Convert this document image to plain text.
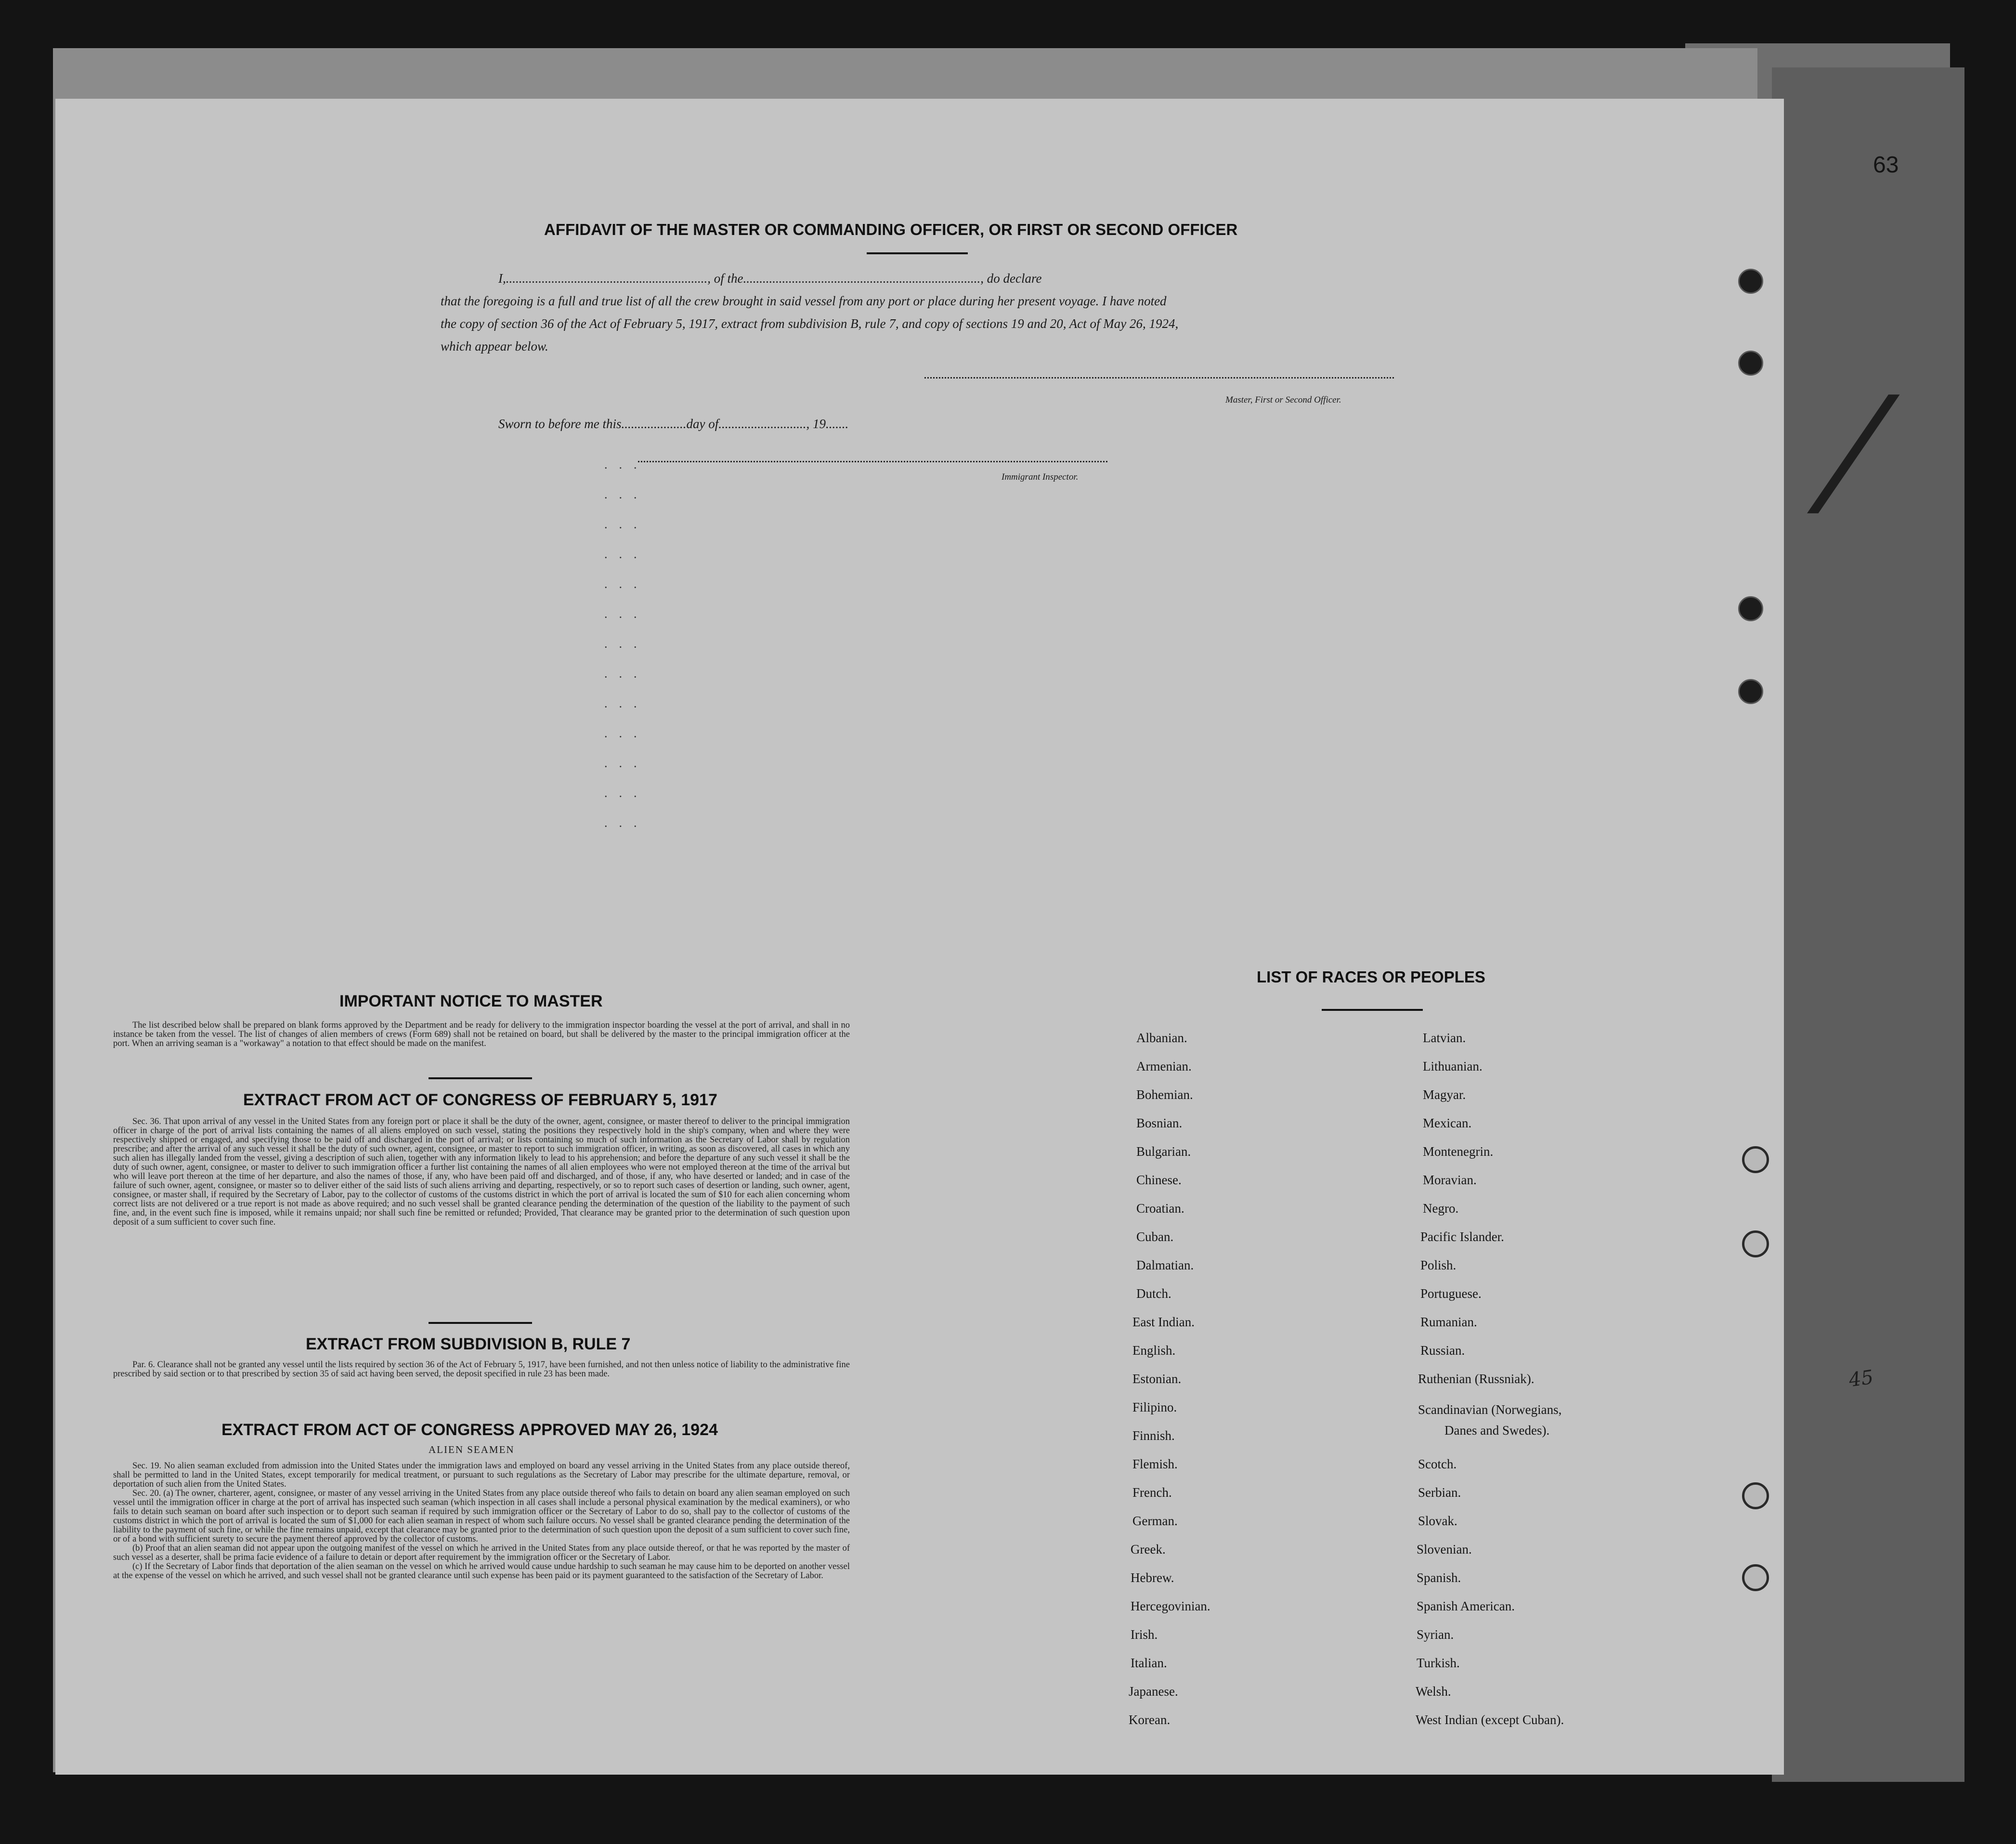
63
/
45
AFFIDAVIT OF THE MASTER OR COMMANDING OFFICER, OR FIRST OR SECOND OFFICER
I,.............................................................., of the........................................................................., do declare
that the foregoing is a full and true list of all the crew brought in said vessel from any port or place during her present voyage. I have noted
the copy of section 36 of the Act of February 5, 1917, extract from subdivision B, rule 7, and copy of sections 19 and 20, Act of May 26, 1924,
which appear below.
Master, First or Second Officer.
Sworn to before me this....................day of..........................., 19.......
Immigrant Inspector.
...
...
...
...
...
...
...
...
...
...
...
...
...
IMPORTANT NOTICE TO MASTER

The list described below shall be prepared on blank forms approved by the Department and be ready for delivery to the immigration inspector boarding the vessel at the port of arrival, and shall in no instance be taken from the vessel. The list of changes of alien members of crews (Form 689) shall not be retained on board, but shall be delivered by the master to the principal immigration officer at the port. When an arriving seaman is a "workaway" a notation to that effect should be made on the manifest.

EXTRACT FROM ACT OF CONGRESS OF FEBRUARY 5, 1917

Sec. 36. That upon arrival of any vessel in the United States from any foreign port or place it shall be the duty of the owner, agent, consignee, or master thereof to deliver to the principal immigration officer in charge of the port of arrival lists containing the names of all aliens employed on such vessel, stating the positions they respectively hold in the ship's company, when and where they were respectively shipped or engaged, and specifying those to be paid off and discharged in the port of arrival; or lists containing so much of such information as the Secretary of Labor shall by regulation prescribe; and after the arrival of any such vessel it shall be the duty of such owner, agent, consignee, or master to report to such immigration officer, in writing, as soon as discovered, all cases in which any such alien has illegally landed from the vessel, giving a description of such alien, together with any information likely to lead to his apprehension; and before the departure of any such vessel it shall be the duty of such owner, agent, consignee, or master to deliver to such immigration officer a further list containing the names of all alien employees who were not employed thereon at the time of the arrival but who will leave port thereon at the time of her departure, and also the names of those, if any, who have been paid off and discharged, and of those, if any, who have deserted or landed; and in case of the failure of such owner, agent, consignee, or master so to deliver either of the said lists of such aliens arriving and departing, respectively, or so to report such cases of desertion or landing, such owner, agent, consignee, or master shall, if required by the Secretary of Labor, pay to the collector of customs of the customs district in which the port of arrival is located the sum of $10 for each alien concerning whom correct lists are not delivered or a true report is not made as above required; and no such vessel shall be granted clearance pending the determination of the question of the liability to the payment of such fine, and, in the event such fine is imposed, while it remains unpaid; nor shall such fine be remitted or refunded; Provided, That clearance may be granted prior to the determination of such question upon deposit of a sum sufficient to cover such fine.

EXTRACT FROM SUBDIVISION B, RULE 7

Par. 6. Clearance shall not be granted any vessel until the lists required by section 36 of the Act of February 5, 1917, have been furnished, and not then unless notice of liability to the administrative fine prescribed by said section or to that prescribed by section 35 of said act having been served, the deposit specified in rule 23 has been made.

EXTRACT FROM ACT OF CONGRESS APPROVED MAY 26, 1924
ALIEN SEAMEN

Sec. 19. No alien seaman excluded from admission into the United States under the immigration laws and employed on board any vessel arriving in the United States from any place outside thereof, shall be permitted to land in the United States, except temporarily for medical treatment, or pursuant to such regulations as the Secretary of Labor may prescribe for the ultimate departure, removal, or deportation of such alien from the United States.

Sec. 20. (a) The owner, charterer, agent, consignee, or master of any vessel arriving in the United States from any place outside thereof who fails to detain on board any alien seaman employed on such vessel until the immigration officer in charge at the port of arrival has inspected such seaman (which inspection in all cases shall include a personal physical examination by the medical examiners), or who fails to detain such seaman on board after such inspection or to deport such seaman if required by such immigration officer or the Secretary of Labor to do so, shall pay to the collector of customs of the customs district in which the port of arrival is located the sum of $1,000 for each alien seaman in respect of whom such failure occurs. No vessel shall be granted clearance pending the determination of the liability to the payment of such fine, or while the fine remains unpaid, except that clearance may be granted prior to the determination of such question upon the deposit of a sum sufficient to cover such fine, or of a bond with sufficient surety to secure the payment thereof approved by the collector of customs.

(b) Proof that an alien seaman did not appear upon the outgoing manifest of the vessel on which he arrived in the United States from any place outside thereof, or that he was reported by the master of such vessel as a deserter, shall be prima facie evidence of a failure to detain or deport after requirement by the immigration officer or the Secretary of Labor.

(c) If the Secretary of Labor finds that deportation of the alien seaman on the vessel on which he arrived would cause undue hardship to such seaman he may cause him to be deported on another vessel at the expense of the vessel on which he arrived, and such vessel shall not be granted clearance until such expense has been paid or its payment guaranteed to the satisfaction of the Secretary of Labor.

LIST OF RACES OR PEOPLES
Albanian.
Armenian.
Bohemian.
Bosnian.
Bulgarian.
Chinese.
Croatian.
Cuban.
Dalmatian.
Dutch.
East Indian.
English.
Estonian.
Filipino.
Finnish.
Flemish.
French.
German.
Greek.
Hebrew.
Hercegovinian.
Irish.
Italian.
Japanese.
Korean.
Latvian.
Lithuanian.
Magyar.
Mexican.
Montenegrin.
Moravian.
Negro.
Pacific Islander.
Polish.
Portuguese.
Rumanian.
Russian.
Ruthenian (Russniak).
Scandinavian (Norwegians,
Danes and Swedes).
Scotch.
Serbian.
Slovak.
Slovenian.
Spanish.
Spanish American.
Syrian.
Turkish.
Welsh.
West Indian (except Cuban).
